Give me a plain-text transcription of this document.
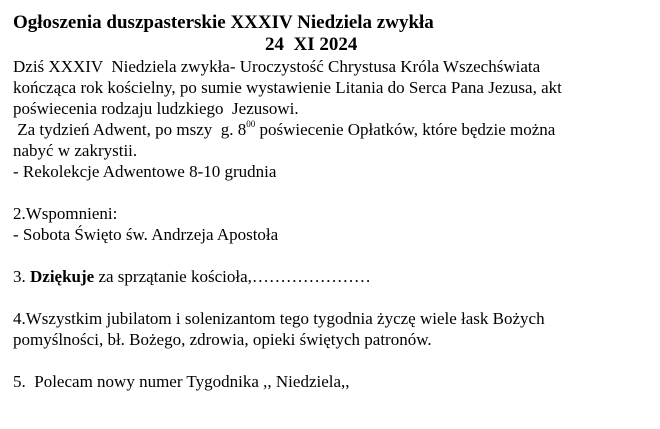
Ogłoszenia duszpasterskie XXXIV Niedziela zwykła
24  XI 2024
Dziś XXXIV  Niedziela zwykła- Uroczystość Chrystusa Króla Wszechświata
kończąca rok kościelny, po sumie wystawienie Litania do Serca Pana Jezusa, akt
poświecenia rodzaju ludzkiego  Jezusowi.
Za tydzień Adwent, po mszy  g. $8^{00}$ poświecenie Opłatków, które będzie można
nabyć w zakrystii.
- Rekolekcje Adwentowe 8-10 grudnia
2.Wspomnieni:
- Sobota Święto św. Andrzeja Apostoła
3. Dziękuje za sprzątanie kościoła,…………………
4.Wszystkim jubilatom i solenizantom tego tygodnia życzę wiele łask Bożych
pomyślności, bł. Bożego, zdrowia, opieki świętych patronów.
5.  Polecam nowy numer Tygodnika ,, Niedziela,,
